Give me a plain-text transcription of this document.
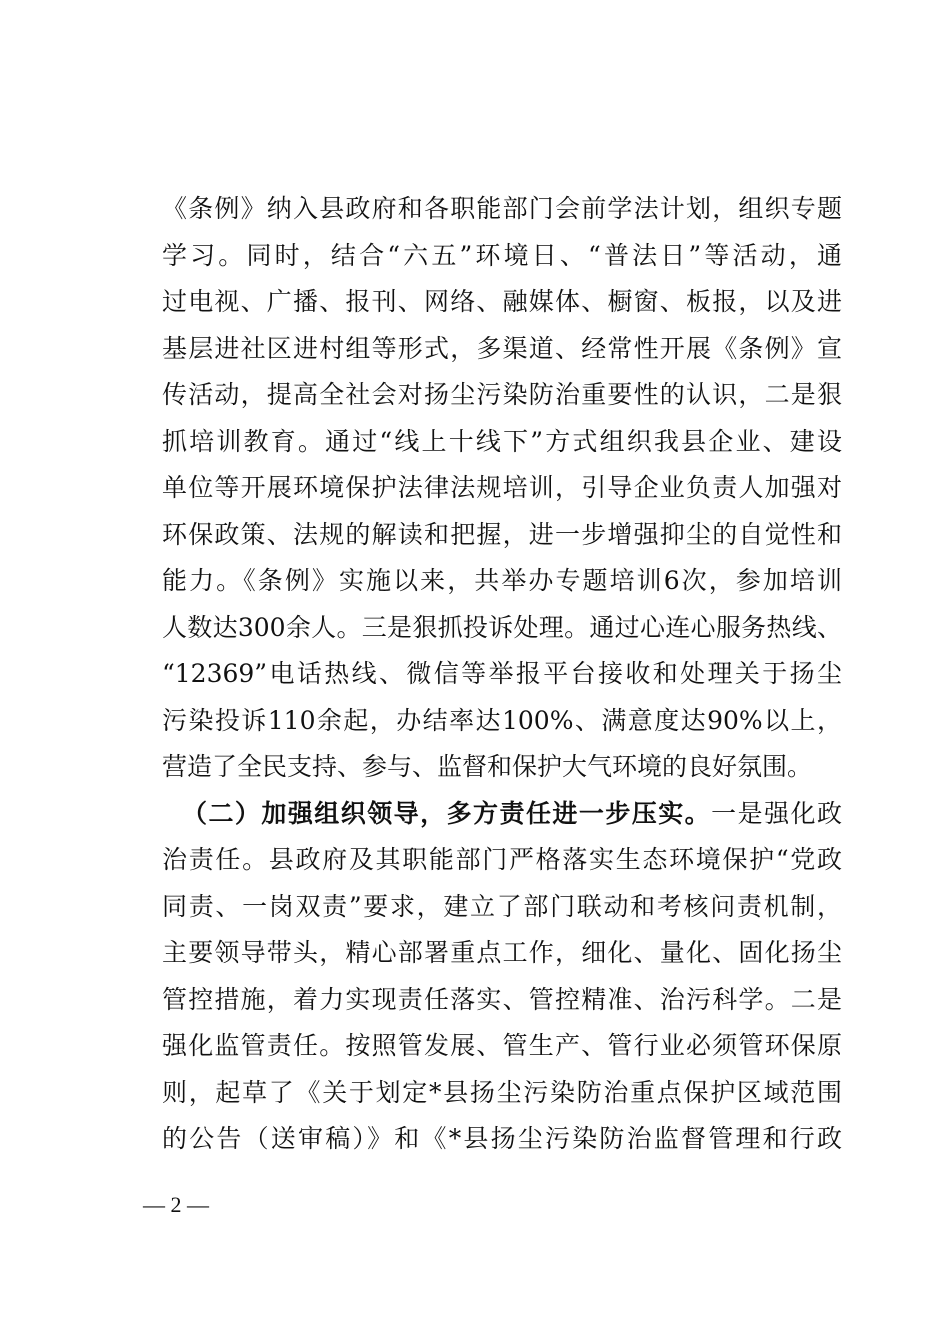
《条例》纳入县政府和各职能部门会前学法计划，组织专题
学习。同时，结合“六五”环境日、“普法日”等活动，通
过电视、广播、报刊、网络、融媒体、橱窗、板报，以及进
基层进社区进村组等形式，多渠道、经常性开展《条例》宣
传活动，提高全社会对扬尘污染防治重要性的认识，二是狠
抓培训教育。通过“线上十线下”方式组织我县企业、建设
单位等开展环境保护法律法规培训，引导企业负责人加强对
环保政策、法规的解读和把握，进一步增强抑尘的自觉性和
能力。《条例》实施以来，共举办专题培训6次，参加培训
人数达300余人。三是狠抓投诉处理。通过心连心服务热线、
“12369”电话热线、微信等举报平台接收和处理关于扬尘
污染投诉110余起，办结率达100%、满意度达90%以上，
营造了全民支持、参与、监督和保护大气环境的良好氛围。
（二）加强组织领导，多方责任进一步压实。一是强化政
治责任。县政府及其职能部门严格落实生态环境保护“党政
同责、一岗双责”要求，建立了部门联动和考核问责机制，
主要领导带头，精心部署重点工作，细化、量化、固化扬尘
管控措施，着力实现责任落实、管控精准、治污科学。二是
强化监管责任。按照管发展、管生产、管行业必须管环保原
则，起草了《关于划定*县扬尘污染防治重点保护区域范围
的公告（送审稿）》和《*县扬尘污染防治监督管理和行政
— 2 —
